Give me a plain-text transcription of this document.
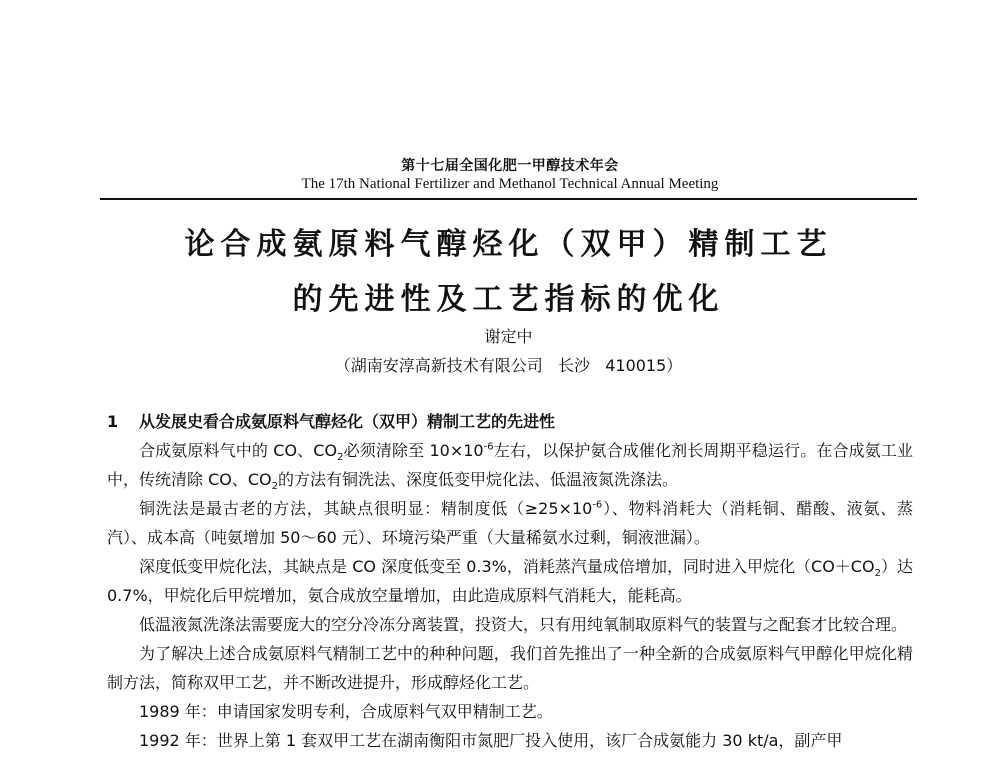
第十七届全国化肥一甲醇技术年会
The 17th National Fertilizer and Methanol Technical Annual Meeting
论合成氨原料气醇烃化（双甲）精制工艺
的先进性及工艺指标的优化
谢定中
（湖南安淳高新技术有限公司   长沙   410015）

1 从发展史看合成氨原料气醇烃化（双甲）精制工艺的先进性

合成氨原料气中的 CO、$CO_2$必须清除至 $10\times 10^{-6}$左右，以保护氨合成催化剂长周期平稳运行。在合成氨工业中，传统清除 CO、$CO_2$的方法有铜洗法、深度低变甲烷化法、低温液氮洗涤法。

铜洗法是最古老的方法，其缺点很明显：精制度低$(\ge 25\times 10^{-6})$、物料消耗大（消耗铜、醋酸、液氨、蒸汽）、成本高（吨氨增加 50～60 元）、环境污染严重（大量稀氨水过剩，铜液泄漏）。

深度低变甲烷化法，其缺点是 CO 深度低变至 0.3%，消耗蒸汽量成倍增加，同时进入甲烷化$(CO+CO_2)$达 0.7%，甲烷化后甲烷增加，氨合成放空量增加，由此造成原料气消耗大，能耗高。

低温液氮洗涤法需要庞大的空分冷冻分离装置，投资大，只有用纯氧制取原料气的装置与之配套才比较合理。

为了解决上述合成氨原料气精制工艺中的种种问题，我们首先推出了一种全新的合成氨原料气甲醇化甲烷化精制方法，简称双甲工艺，并不断改进提升，形成醇烃化工艺。

1989 年：申请国家发明专利，合成原料气双甲精制工艺。

1992 年：世界上第 1 套双甲工艺在湖南衡阳市氮肥厂投入使用，该厂合成氨能力 30 kt/a，副产甲
